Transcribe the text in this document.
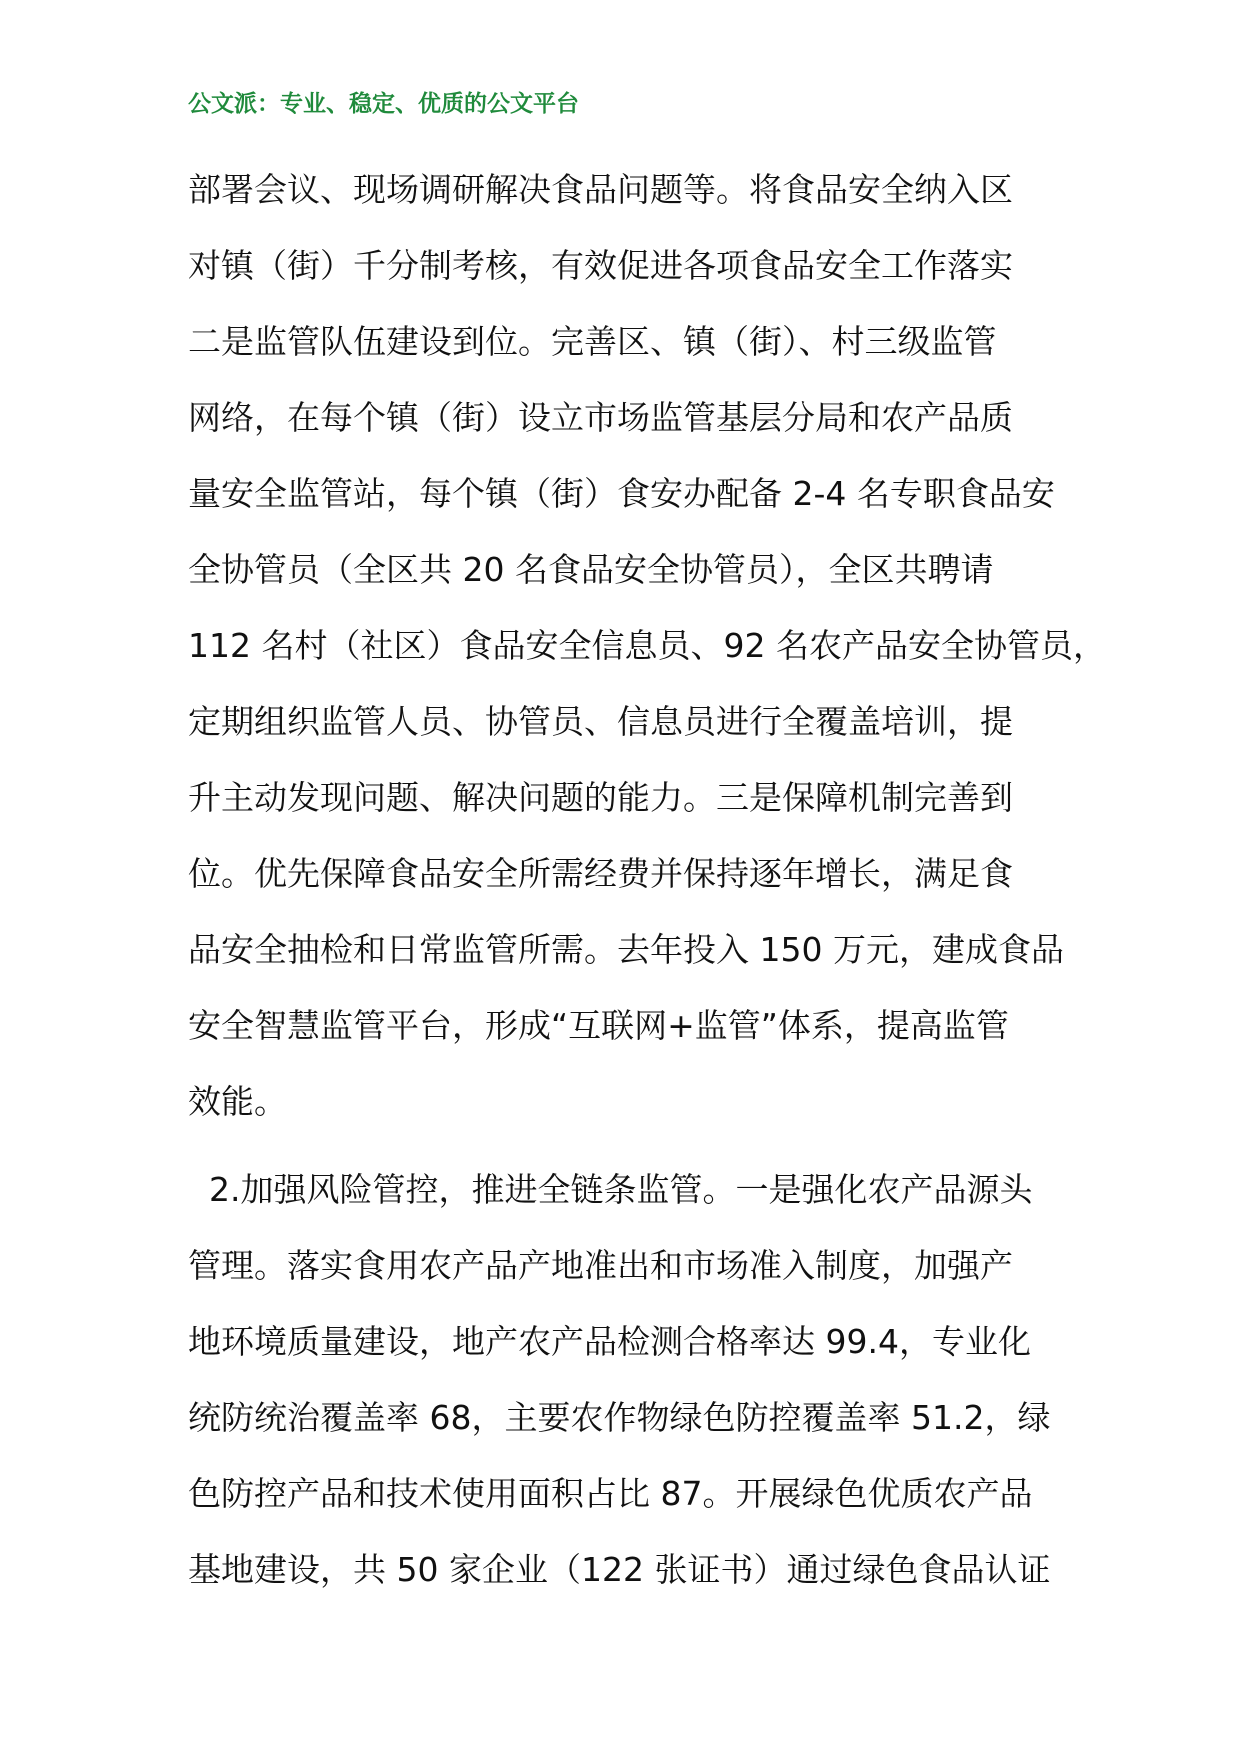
公文派：专业、稳定、优质的公文平台
部署会议、现场调研解决食品问题等。将食品安全纳入区
对镇（街）千分制考核，有效促进各项食品安全工作落实
二是监管队伍建设到位。完善区、镇（街）、村三级监管
网络，在每个镇（街）设立市场监管基层分局和农产品质
量安全监管站，每个镇（街）食安办配备 2-4 名专职食品安
全协管员（全区共 20 名食品安全协管员），全区共聘请
112 名村（社区）食品安全信息员、92 名农产品安全协管员，
定期组织监管人员、协管员、信息员进行全覆盖培训，提
升主动发现问题、解决问题的能力。三是保障机制完善到
位。优先保障食品安全所需经费并保持逐年增长，满足食
品安全抽检和日常监管所需。去年投入 150 万元，建成食品
安全智慧监管平台，形成“互联网+监管”体系，提高监管
效能。
2.加强风险管控，推进全链条监管。一是强化农产品源头
管理。落实食用农产品产地准出和市场准入制度，加强产
地环境质量建设，地产农产品检测合格率达 99.4，专业化
统防统治覆盖率 68，主要农作物绿色防控覆盖率 51.2，绿
色防控产品和技术使用面积占比 87。开展绿色优质农产品
基地建设，共 50 家企业（122 张证书）通过绿色食品认证
